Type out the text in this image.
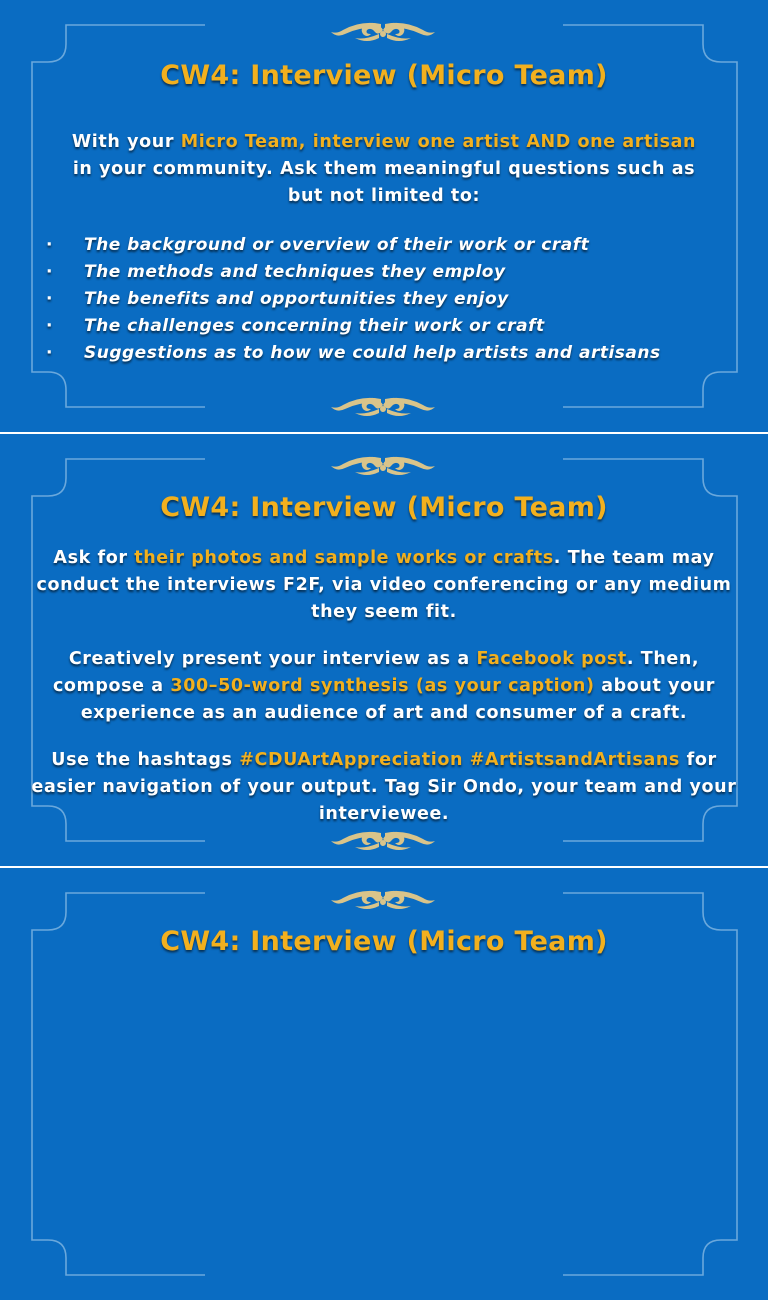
CW4: Interview (Micro Team)
With your Micro Team, interview one artist AND one artisan in your community. Ask them meaningful questions such as but not limited to:
· The background or overview of their work or craft
· The methods and techniques they employ
· The benefits and opportunities they enjoy
· The challenges concerning their work or craft
· Suggestions as to how we could help artists and artisans
CW4: Interview (Micro Team)
Ask for their photos and sample works or crafts. The team may conduct the interviews F2F, via video conferencing or any medium they seem fit.
Creatively present your interview as a Facebook post. Then, compose a 300–50-word synthesis (as your caption) about your experience as an audience of art and consumer of a craft.
Use the hashtags #CDUArtAppreciation #ArtistsandArtisans for easier navigation of your output. Tag Sir Ondo, your team and your interviewee.
CW4: Interview (Micro Team)
